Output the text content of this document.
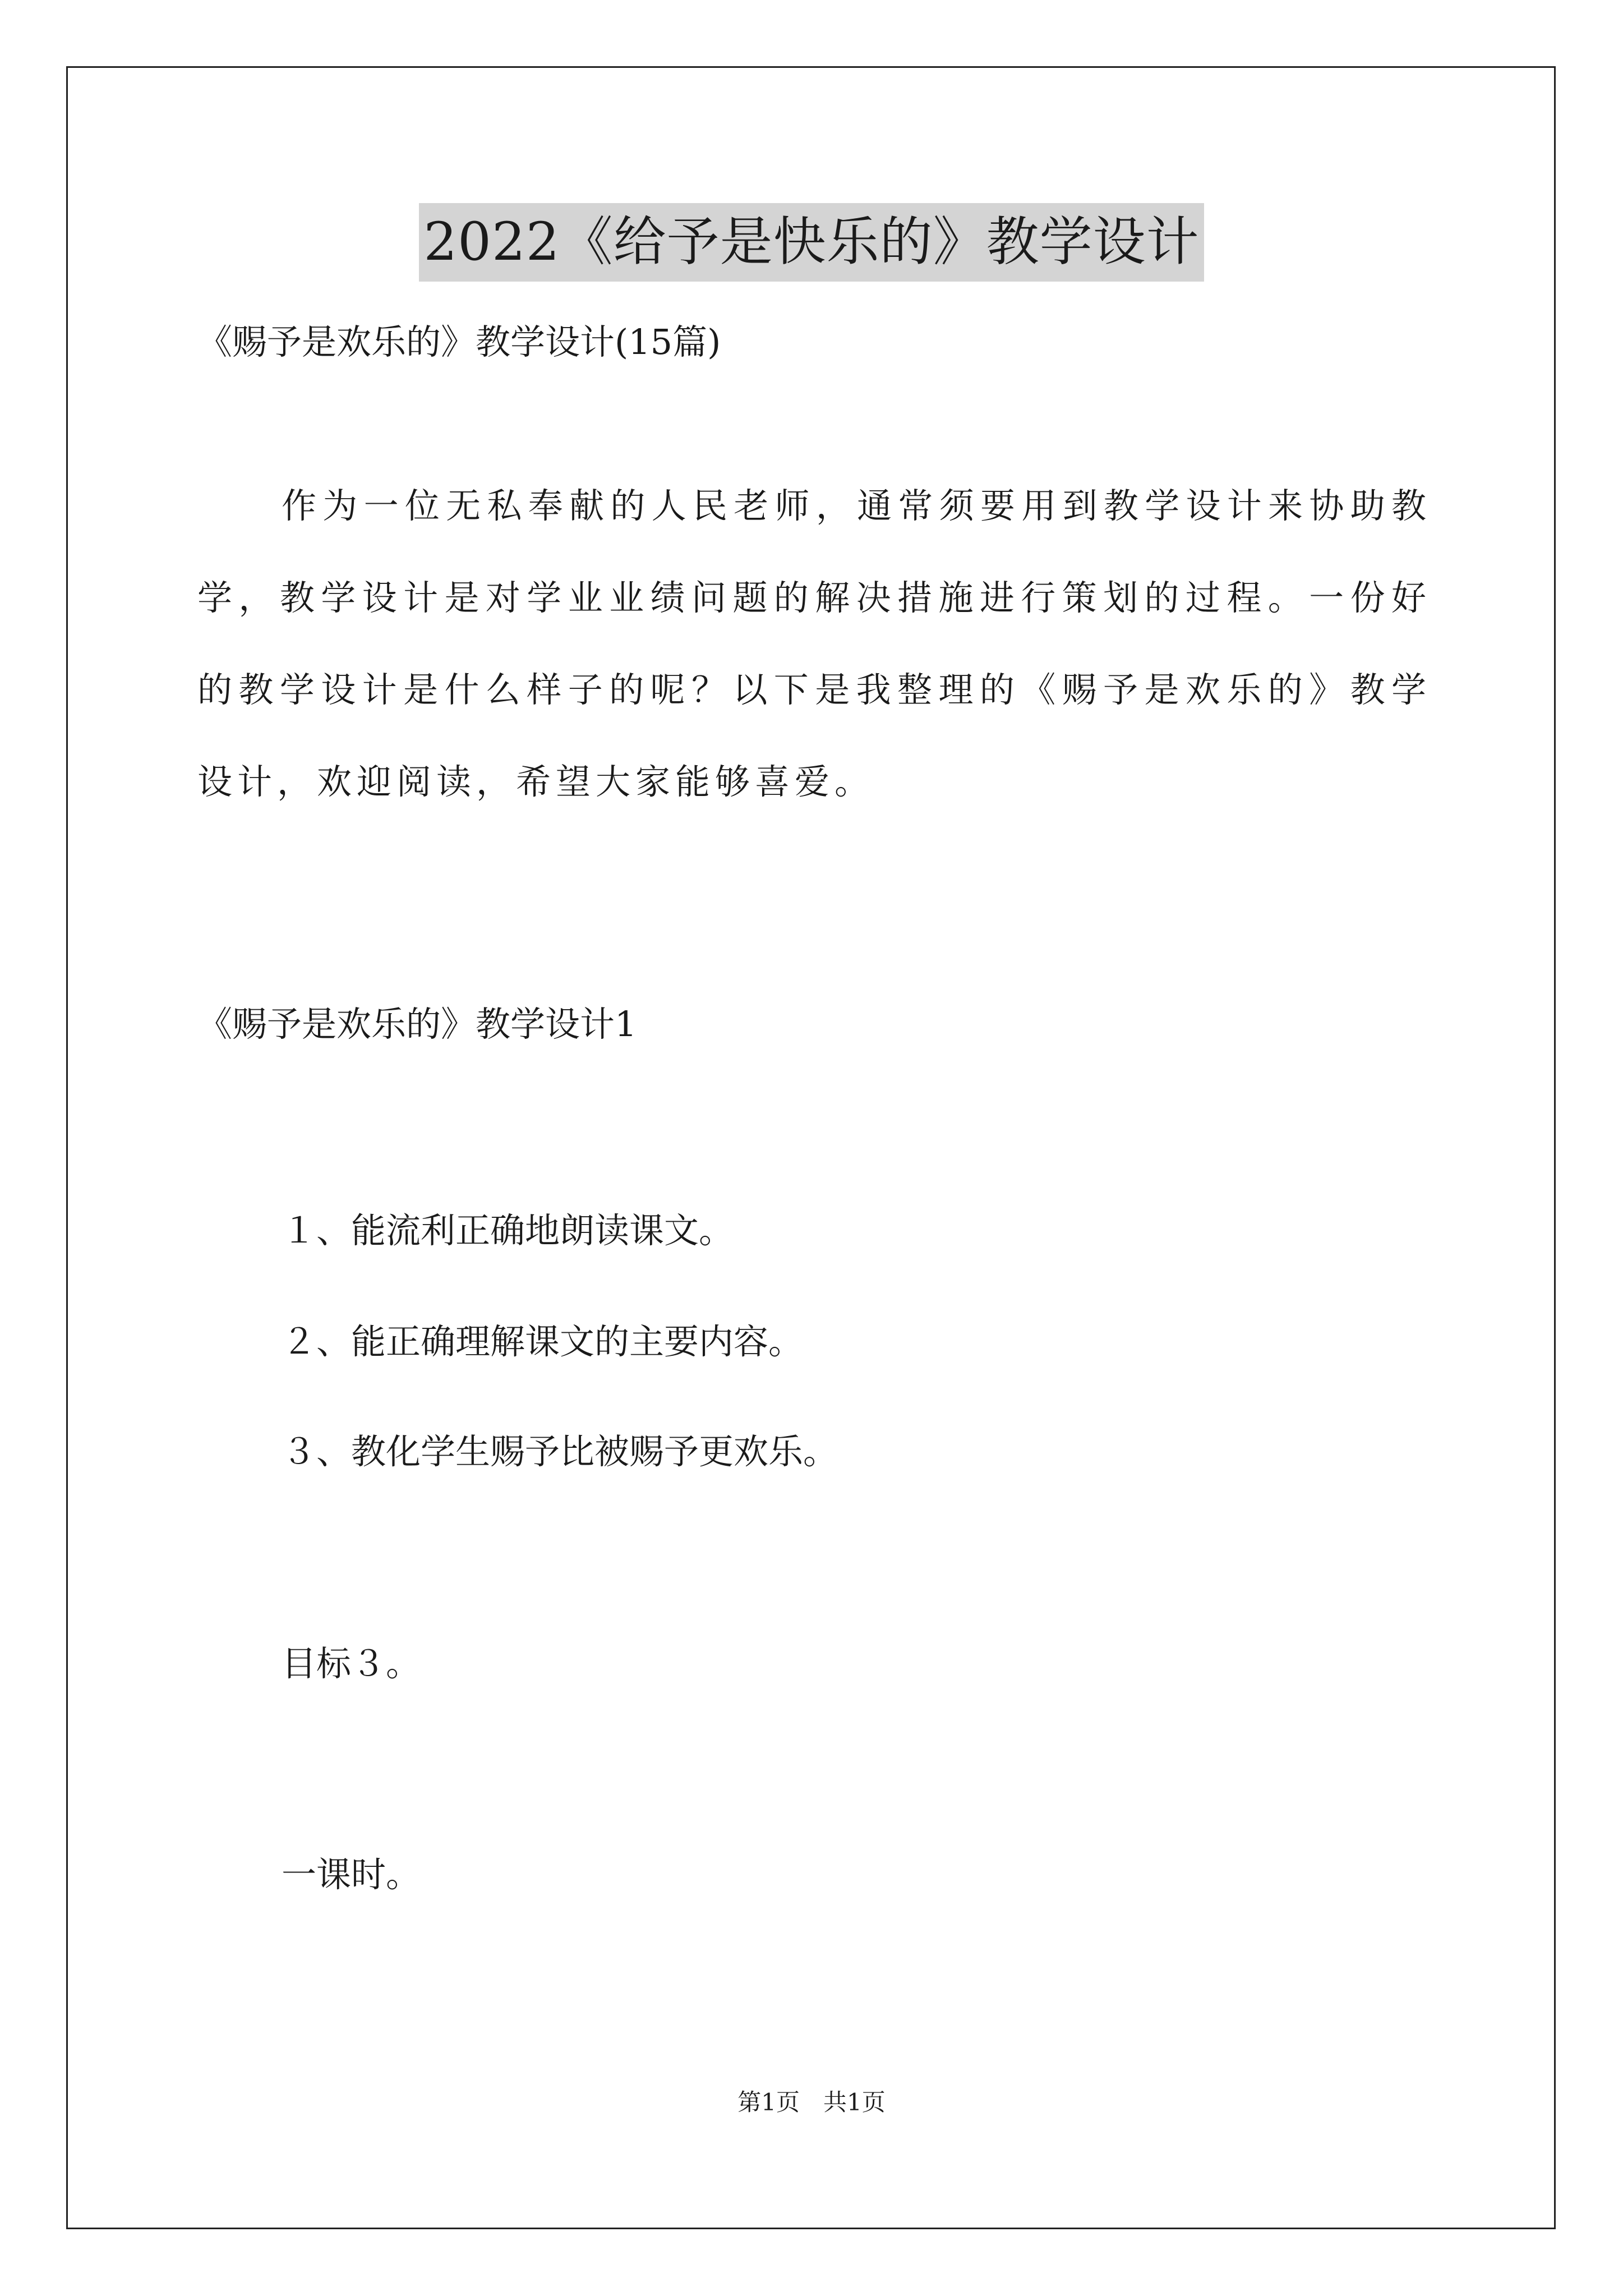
2022《给予是快乐的》教学设计
《赐予是欢乐的》教学设计(15篇)
作为一位无私奉献的人民老师，通常须要用到教学设计来协助教学，教学设计是对学业业绩问题的解决措施进行策划的过程。一份好的教学设计是什么样子的呢？以下是我整理的《赐予是欢乐的》教学设计，欢迎阅读，希望大家能够喜爱。
《赐予是欢乐的》教学设计1
１、能流利正确地朗读课文。
２、能正确理解课文的主要内容。
３、教化学生赐予比被赐予更欢乐。
目标３。
一课时。
第1页　共1页
